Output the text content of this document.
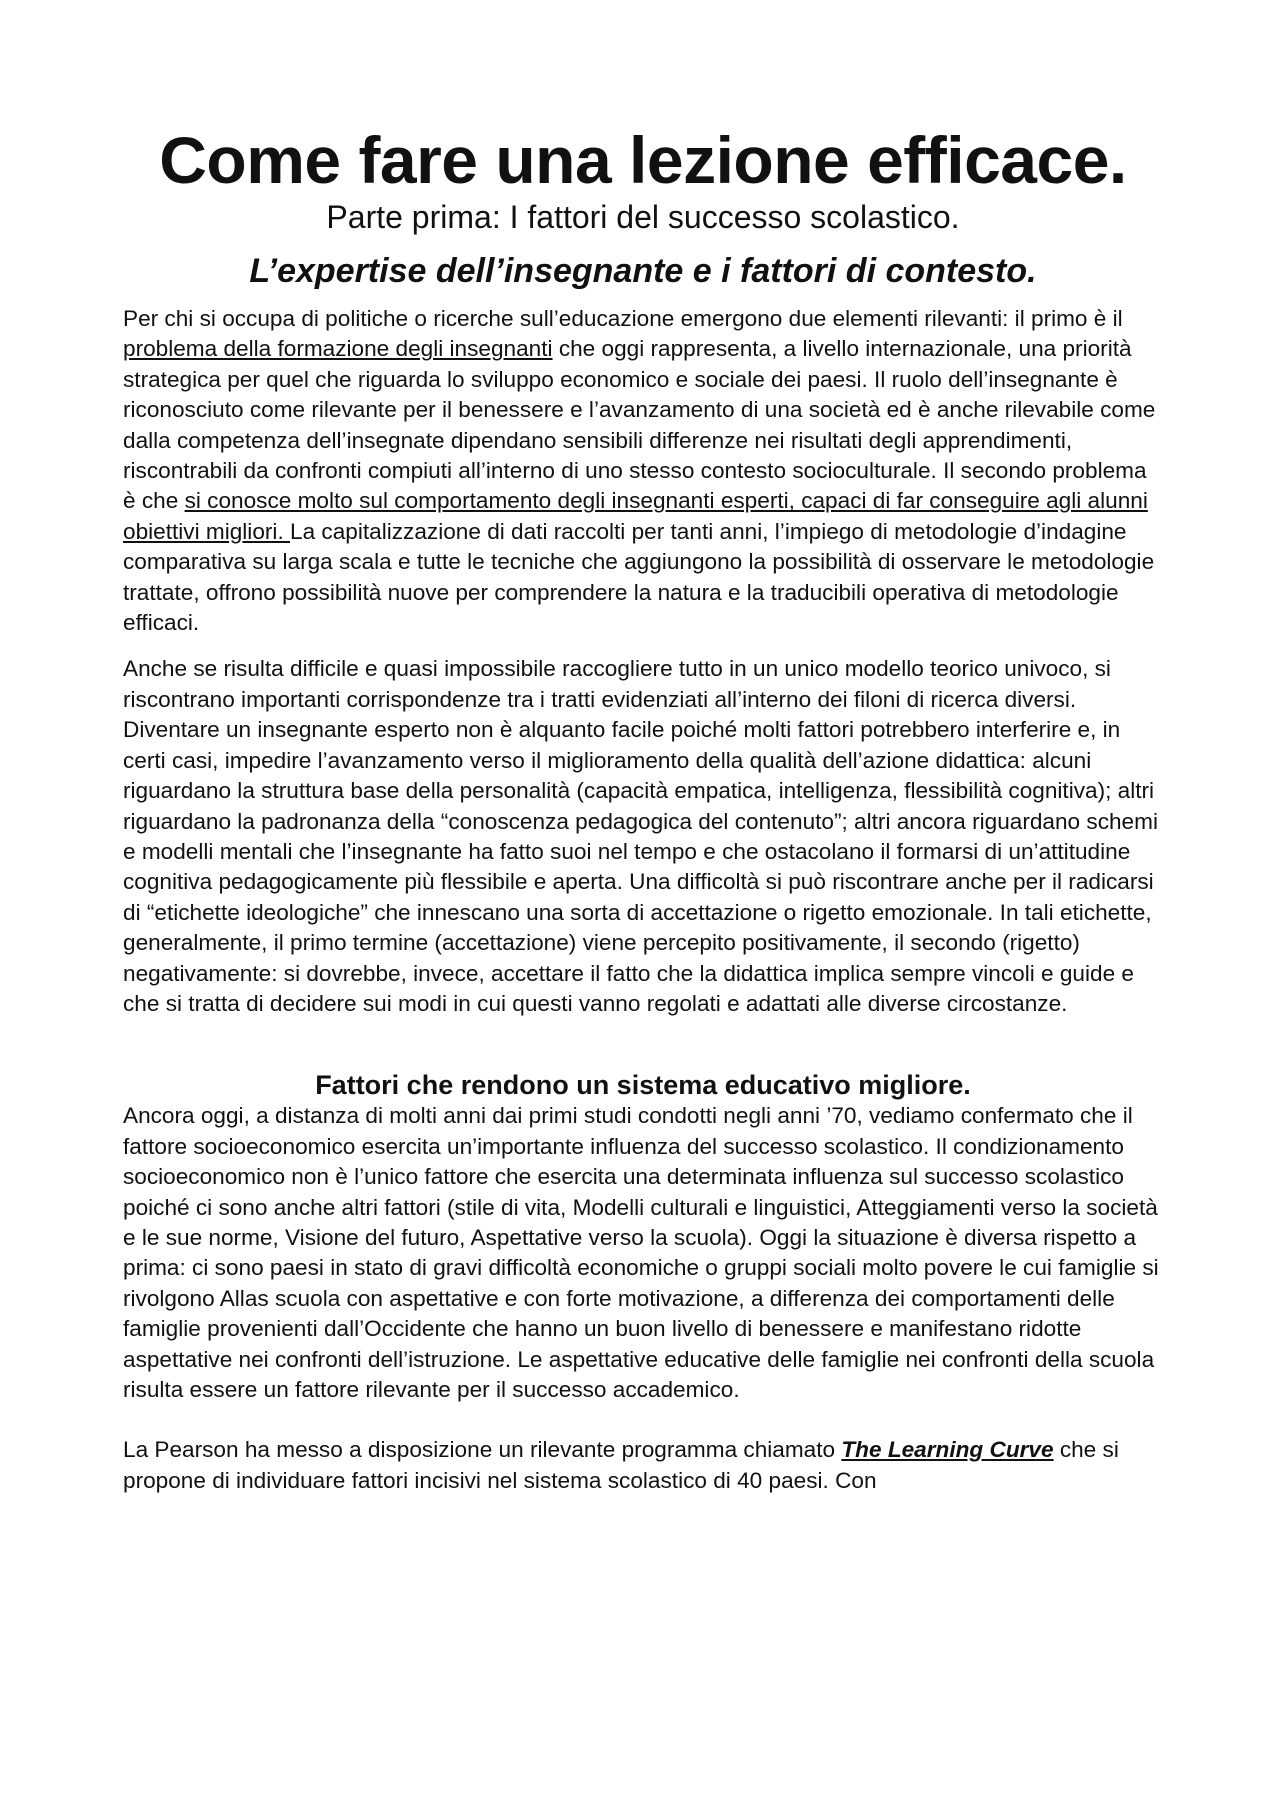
Come fare una lezione efficace.

Parte prima: I fattori del successo scolastico.

L’expertise dell’insegnante e i fattori di contesto.

Per chi si occupa di politiche o ricerche sull’educazione emergono due elementi rilevanti: il primo è il problema della formazione degli insegnanti che oggi rappresenta, a livello internazionale, una priorità strategica per quel che riguarda lo sviluppo economico e sociale dei paesi. Il ruolo dell’insegnante è riconosciuto come rilevante per il benessere e l’avanzamento di una società ed è anche rilevabile come dalla competenza dell’insegnate dipendano sensibili differenze nei risultati degli apprendimenti, riscontrabili da confronti compiuti all’interno di uno stesso contesto socioculturale. Il secondo problema è che si conosce molto sul comportamento degli insegnanti esperti, capaci di far conseguire agli alunni obiettivi migliori. La capitalizzazione di dati raccolti per tanti anni, l’impiego di metodologie d’indagine comparativa su larga scala e tutte le tecniche che aggiungono la possibilità di osservare le metodologie trattate, offrono possibilità nuove per comprendere la natura e la traducibili operativa di metodologie efficaci.

Anche se risulta difficile e quasi impossibile raccogliere tutto in un unico modello teorico univoco, si riscontrano importanti corrispondenze tra i tratti evidenziati all’interno dei filoni di ricerca diversi. Diventare un insegnante esperto non è alquanto facile poiché molti fattori potrebbero interferire e, in certi casi, impedire l’avanzamento verso il miglioramento della qualità dell’azione didattica: alcuni riguardano la struttura base della personalità (capacità empatica, intelligenza, flessibilità cognitiva); altri riguardano la padronanza della “conoscenza pedagogica del contenuto”; altri ancora riguardano schemi e modelli mentali che l’insegnante ha fatto suoi nel tempo e che ostacolano il formarsi di un’attitudine cognitiva pedagogicamente più flessibile e aperta. Una difficoltà si può riscontrare anche per il radicarsi di “etichette ideologiche” che innescano una sorta di accettazione o rigetto emozionale. In tali etichette, generalmente, il primo termine (accettazione) viene percepito positivamente, il secondo (rigetto) negativamente: si dovrebbe, invece, accettare il fatto che la didattica implica sempre vincoli e guide e che si tratta di decidere sui modi in cui questi vanno regolati e adattati alle diverse circostanze.

Fattori che rendono un sistema educativo migliore.

Ancora oggi, a distanza di molti anni dai primi studi condotti negli anni ’70, vediamo confermato che il fattore socioeconomico esercita un’importante influenza del successo scolastico. Il condizionamento socioeconomico non è l’unico fattore che esercita una determinata influenza sul successo scolastico poiché ci sono anche altri fattori (stile di vita, Modelli culturali e linguistici, Atteggiamenti verso la società e le sue norme, Visione del futuro, Aspettative verso la scuola). Oggi la situazione è diversa rispetto a prima: ci sono paesi in stato di gravi difficoltà economiche o gruppi sociali molto povere le cui famiglie si rivolgono Allas scuola con aspettative e con forte motivazione, a differenza dei comportamenti delle famiglie provenienti dall’Occidente che hanno un buon livello di benessere e manifestano ridotte aspettative nei confronti dell’istruzione. Le aspettative educative delle famiglie nei confronti della scuola risulta essere un fattore rilevante per il successo accademico.

La Pearson ha messo a disposizione un rilevante programma chiamato The Learning Curve che si propone di individuare fattori incisivi nel sistema scolastico di 40 paesi. Con
